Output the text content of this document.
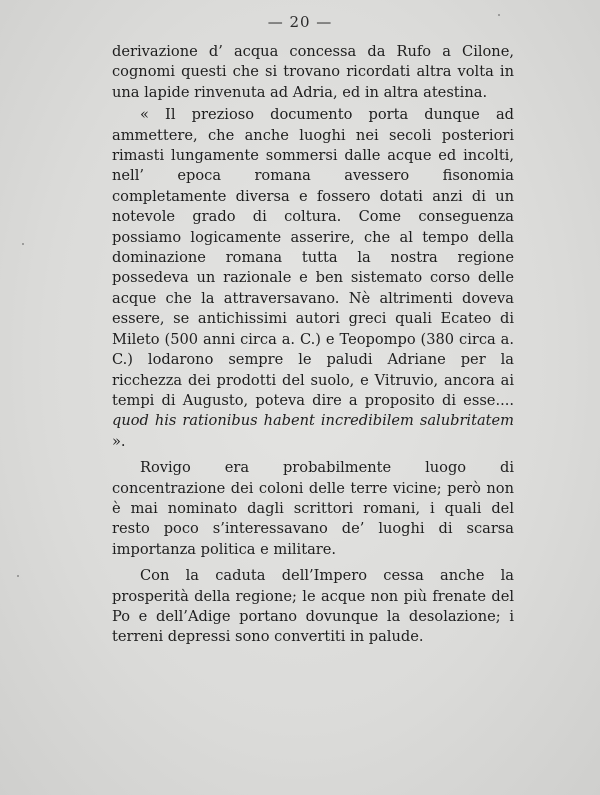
— 20 —

derivazione d’ acqua concessa da Rufo a Cilone, cognomi questi che si trovano ricordati altra volta in una lapide rinvenuta ad Adria, ed in altra atestina.

« Il prezioso documento porta dunque ad ammettere, che anche luoghi nei secoli posteriori rimasti lungamente sommersi dalle acque ed incolti, nell’ epoca romana avessero fisonomia completamente diversa e fossero dotati anzi di un notevole grado di coltura. Come conseguenza possiamo logicamente asserire, che al tempo della dominazione romana tutta la nostra regione possedeva un razionale e ben sistemato corso delle acque che la attraversavano. Nè altrimenti doveva essere, se antichissimi autori greci quali Ecateo di Mileto (500 anni circa a. C.) e Teopompo (380 circa a. C.) lodarono sempre le paludi Adriane per la ricchezza dei prodotti del suolo, e Vitruvio, ancora ai tempi di Augusto, poteva dire a proposito di esse.... quod his rationibus habent incredibilem salubritatem ».

Rovigo era probabilmente luogo di concentrazione dei coloni delle terre vicine; però non è mai nominato dagli scrittori romani, i quali del resto poco s’interessavano de’ luoghi di scarsa importanza politica e militare.

Con la caduta dell’Impero cessa anche la prosperità della regione; le acque non più frenate del Po e dell’Adige portano dovunque la desolazione; i terreni depressi sono convertiti in palude.
